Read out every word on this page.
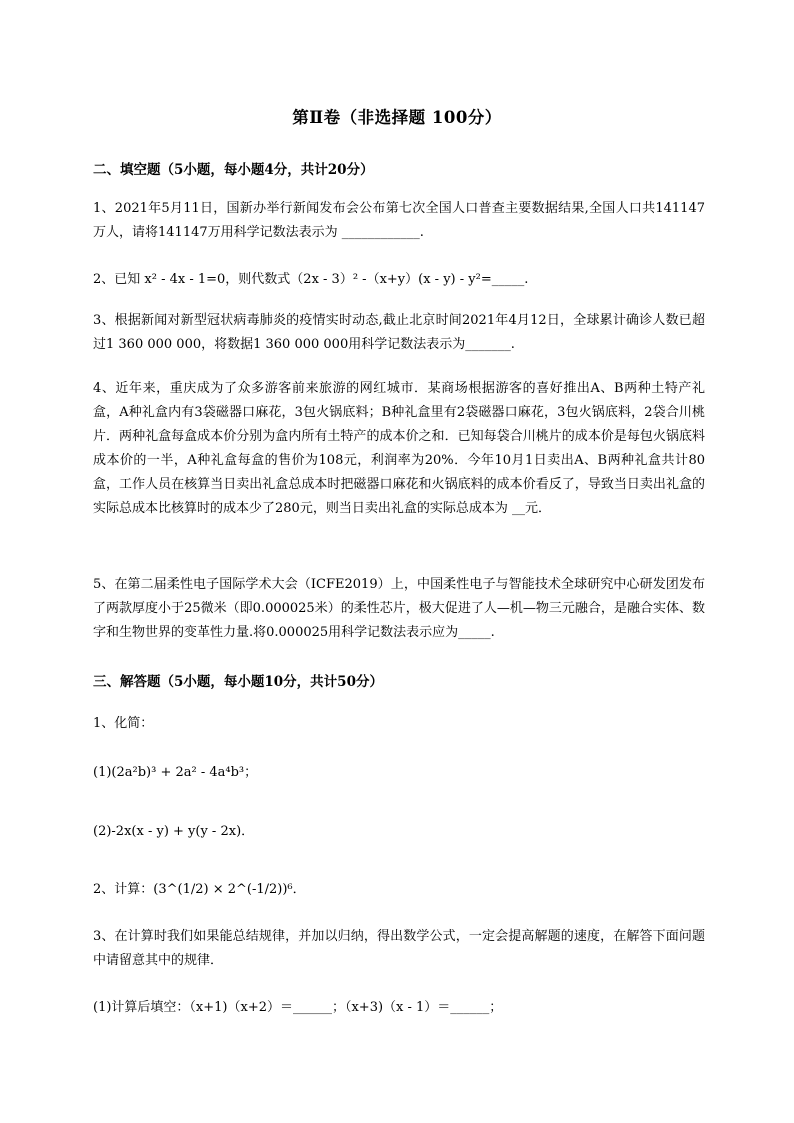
第Ⅱ卷（非选择题 100分）
二、填空题（5小题，每小题4分，共计20分）
1、2021年5月11日，国新办举行新闻发布会公布第七次全国人口普查主要数据结果,全国人口共141147万人，请将141147万用科学记数法表示为 ____________.
2、已知 x² - 4x - 1=0，则代数式（2x - 3）² -（x+y）(x - y) - y²=_____.
3、根据新闻对新型冠状病毒肺炎的疫情实时动态,截止北京时间2021年4月12日，全球累计确诊人数已超过1 360 000 000，将数据1 360 000 000用科学记数法表示为_______.
4、近年来，重庆成为了众多游客前来旅游的网红城市．某商场根据游客的喜好推出A、B两种土特产礼盒，A种礼盒内有3袋磁器口麻花，3包火锅底料；B种礼盒里有2袋磁器口麻花，3包火锅底料，2袋合川桃片．两种礼盒每盒成本价分别为盒内所有土特产的成本价之和．已知每袋合川桃片的成本价是每包火锅底料成本价的一半，A种礼盒每盒的售价为108元，利润率为20%．今年10月1日卖出A、B两种礼盒共计80盒，工作人员在核算当日卖出礼盒总成本时把磁器口麻花和火锅底料的成本价看反了，导致当日卖出礼盒的实际总成本比核算时的成本少了280元，则当日卖出礼盒的实际总成本为 __元．
5、在第二届柔性电子国际学术大会（ICFE2019）上，中国柔性电子与智能技术全球研究中心研发团发布了两款厚度小于25微米（即0.000025米）的柔性芯片，极大促进了人—机—物三元融合，是融合实体、数字和生物世界的变革性力量.将0.000025用科学记数法表示应为_____.
三、解答题（5小题，每小题10分，共计50分）
1、化简：
(1)(2a²b)³ + 2a² - 4a⁴b³；
(2)-2x(x - y) + y(y - 2x)．
2、计算：(3^(1/2) × 2^(-1/2))⁶．
3、在计算时我们如果能总结规律，并加以归纳，得出数学公式，一定会提高解题的速度，在解答下面问题中请留意其中的规律．
(1)计算后填空：（x+1)（x+2）＝______；（x+3)（x - 1）＝______；
